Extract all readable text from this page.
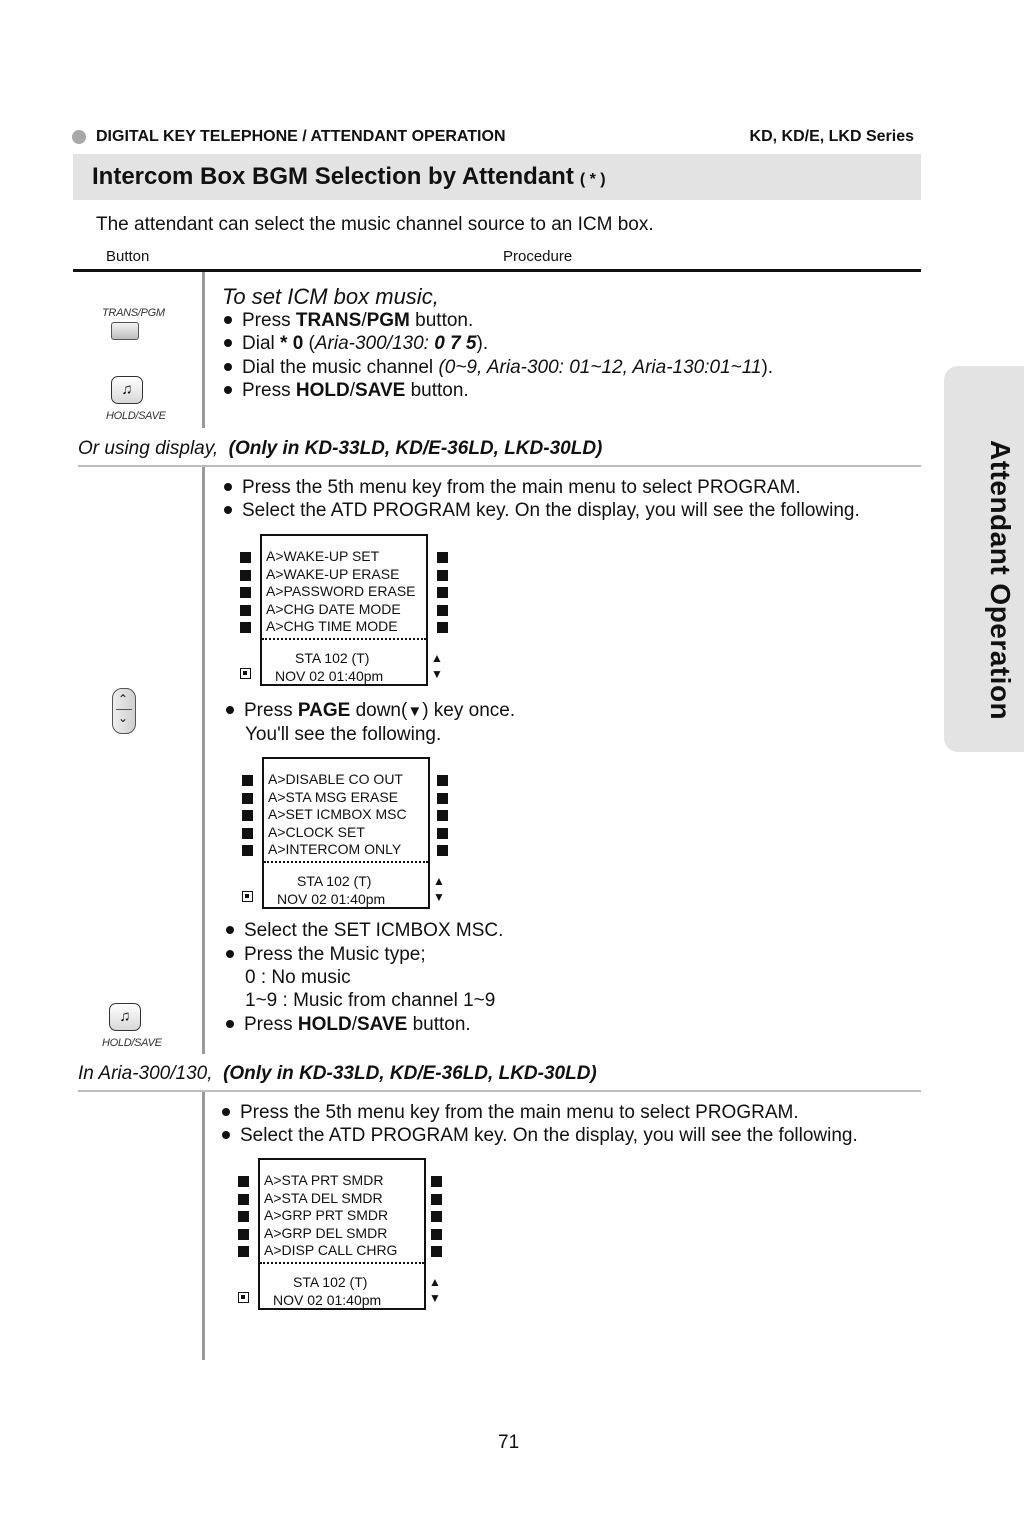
DIGITAL KEY TELEPHONE / ATTENDANT OPERATION	KD, KD/E, LKD Series
Intercom Box BGM Selection by Attendant ( * )
The attendant can select the music channel source to an ICM box.
Button	Procedure
TRANS/PGM
♫
HOLD/SAVE
To set ICM box music,
Press TRANS/PGM button.
Dial * 0 (Aria-300/130: 0 7 5).
Dial the music channel (0~9, Aria-300: 01~12, Aria-130:01~11).
Press HOLD/SAVE button.
Or using display, (Only in KD-33LD, KD/E-36LD, LKD-30LD)
Press the 5th menu key from the main menu to select PROGRAM.
Select the ATD PROGRAM key. On the display, you will see the following.
A>WAKE-UP SET
A>WAKE-UP ERASE
A>PASSWORD ERASE
A>CHG DATE MODE
A>CHG TIME MODE
STA 102 (T)
NOV 02 01:40pm
▲
▼
⌃
⌄	Press PAGE down(▼) key once.
You'll see the following.
A>DISABLE CO OUT
A>STA MSG ERASE
A>SET ICMBOX MSC
A>CLOCK SET
A>INTERCOM ONLY
STA 102 (T)
NOV 02 01:40pm
▲
▼
Select the SET ICMBOX MSC.
Press the Music type;
0 : No music
1~9 : Music from channel 1~9
Press HOLD/SAVE button.
♫
HOLD/SAVE
In Aria-300/130, (Only in KD-33LD, KD/E-36LD, LKD-30LD)
Press the 5th menu key from the main menu to select PROGRAM.
Select the ATD PROGRAM key. On the display, you will see the following.
A>STA PRT SMDR
A>STA DEL SMDR
A>GRP PRT SMDR
A>GRP DEL SMDR
A>DISP CALL CHRG
STA 102 (T)
NOV 02 01:40pm
▲
▼
Attendant Operation
71
